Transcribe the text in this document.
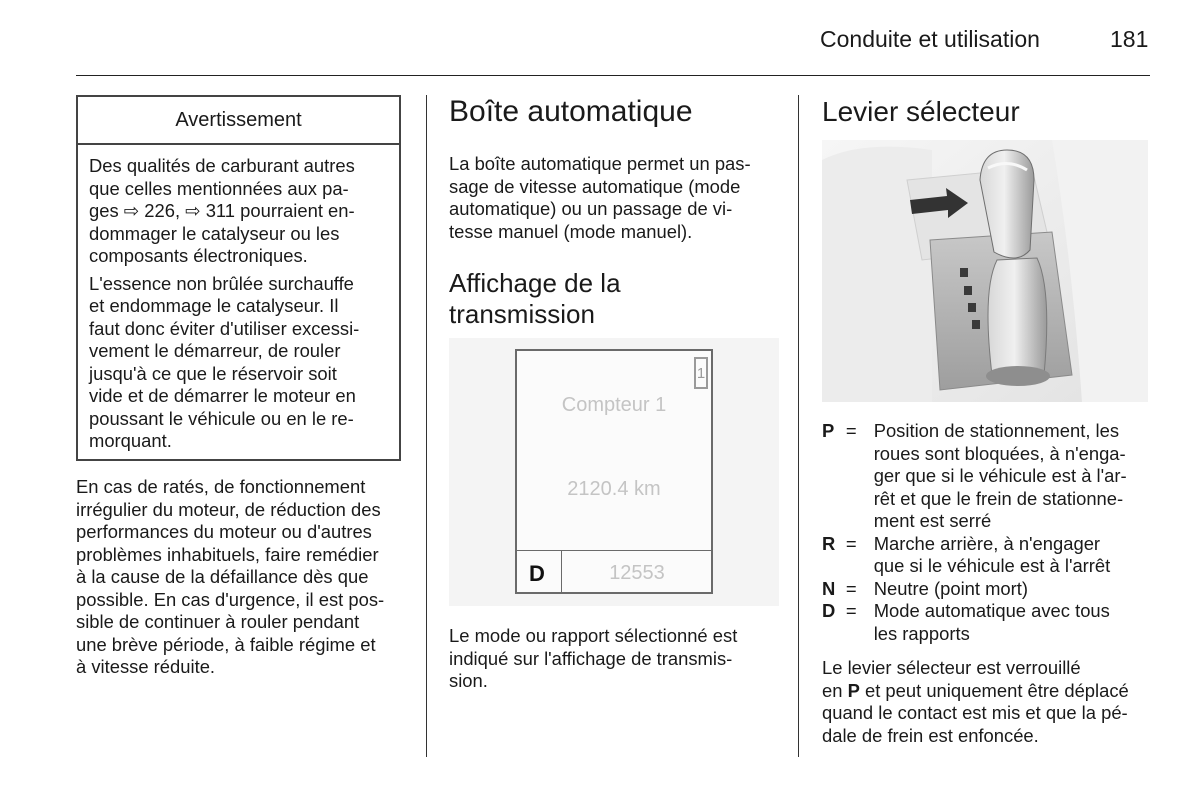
Conduite et utilisation	181
Avertissement

Des qualités de carburant autres
que celles mentionnées aux pa-
ges ⇨ 226, ⇨ 311 pourraient en-
dommager le catalyseur ou les
composants électroniques.

L'essence non brûlée surchauffe
et endommage le catalyseur. Il
faut donc éviter d'utiliser excessi-
vement le démarreur, de rouler
jusqu'à ce que le réservoir soit
vide et de démarrer le moteur en
poussant le véhicule ou en le re-
morquant.

En cas de ratés, de fonctionnement
irrégulier du moteur, de réduction des
performances du moteur ou d'autres
problèmes inhabituels, faire remédier
à la cause de la défaillance dès que
possible. En cas d'urgence, il est pos-
sible de continuer à rouler pendant
une brève période, à faible régime et
à vitesse réduite.

Boîte automatique

La boîte automatique permet un pas-
sage de vitesse automatique (mode
automatique) ou un passage de vi-
tesse manuel (mode manuel).

Affichage de la
transmission
1
Compteur 1
2120.4 km
D	12553

Le mode ou rapport sélectionné est
indiqué sur l'affichage de transmis-
sion.

Levier sélecteur
P = Position de stationnement, les
roues sont bloquées, à n'enga-
ger que si le véhicule est à l'ar-
rêt et que le frein de stationne-
ment est serré
R = Marche arrière, à n'engager
que si le véhicule est à l'arrêt
N = Neutre (point mort)
D = Mode automatique avec tous
les rapports

Le levier sélecteur est verrouillé
en P et peut uniquement être déplacé
quand le contact est mis et que la pé-
dale de frein est enfoncée.
